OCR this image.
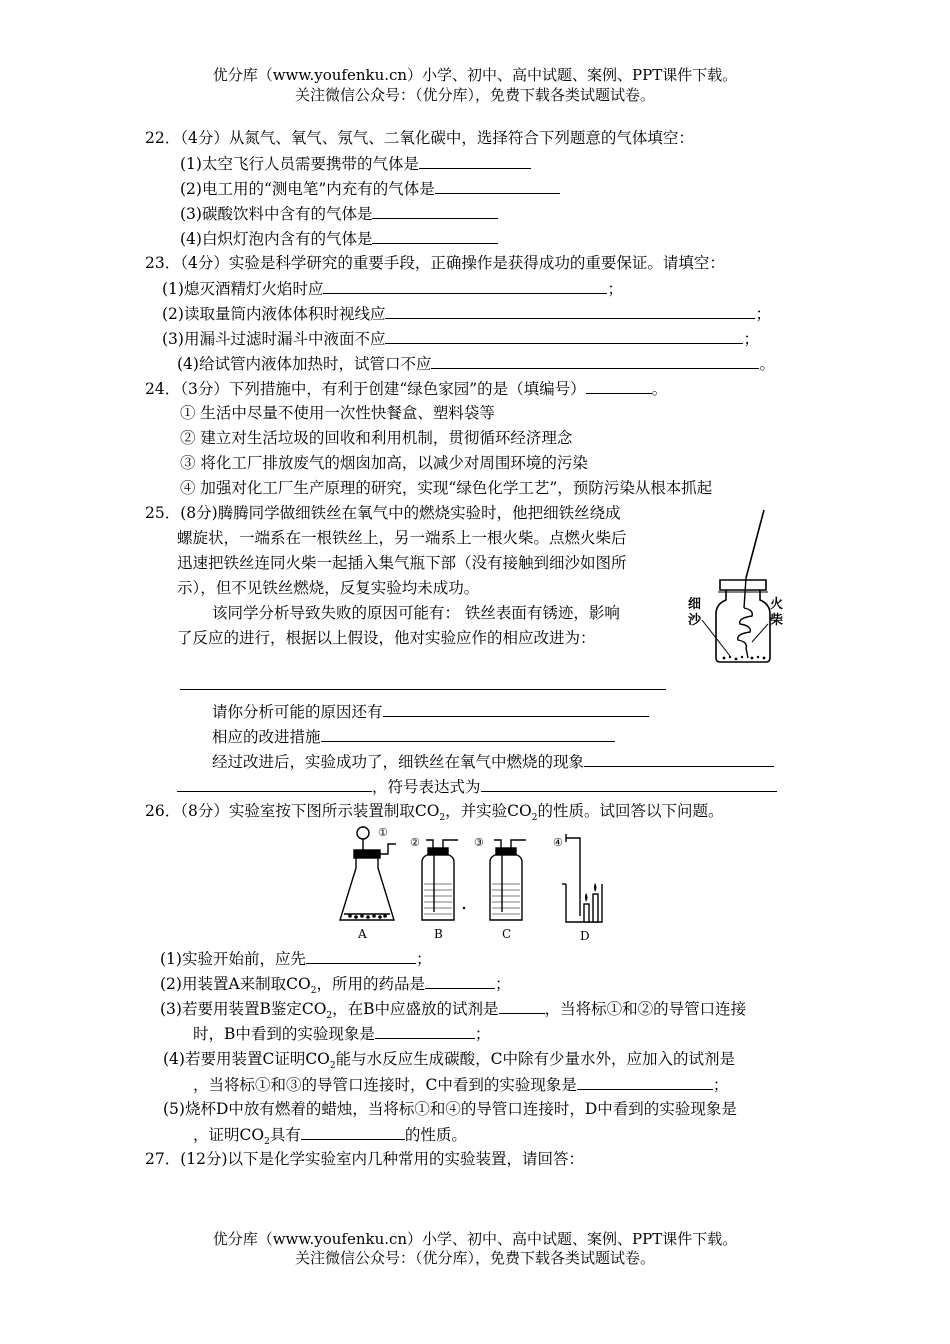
优分库（www.youfenku.cn）小学、初中、高中试题、案例、PPT课件下载。
关注微信公众号：（优分库），免费下载各类试题试卷。
22．（4分）从氮气、氧气、氖气、二氧化碳中，选择符合下列题意的气体填空：
(1)太空飞行人员需要携带的气体是
(2)电工用的“测电笔”内充有的气体是
(3)碳酸饮料中含有的气体是
(4)白炽灯泡内含有的气体是
23．（4分）实验是科学研究的重要手段，正确操作是获得成功的重要保证。请填空：
(1)熄灭酒精灯火焰时应	；
(2)读取量筒内液体体积时视线应	；
(3)用漏斗过滤时漏斗中液面不应	；
(4)给试管内液体加热时，试管口不应	。
24．（3分）下列措施中，有利于创建“绿色家园”的是（填编号）	。
① 生活中尽量不使用一次性快餐盒、塑料袋等
② 建立对生活垃圾的回收和利用机制，贯彻循环经济理念
③ 将化工厂排放废气的烟囱加高，以减少对周围环境的污染
④ 加强对化工厂生产原理的研究，实现“绿色化学工艺”，预防污染从根本抓起
25．(8分)腾腾同学做细铁丝在氧气中的燃烧实验时，他把细铁丝绕成
螺旋状，一端系在一根铁丝上，另一端系上一根火柴。点燃火柴后
迅速把铁丝连同火柴一起插入集气瓶下部（没有接触到细沙如图所
示），但不见铁丝燃烧，反复实验均未成功。
该同学分析导致失败的原因可能有： 铁丝表面有锈迹，影响
了反应的进行，根据以上假设，他对实验应作的相应改进为：
请你分析可能的原因还有
相应的改进措施
经过改进后，实验成功了，细铁丝在氧气中燃烧的现象
，符号表达式为
细
沙
火
柴
26．（8分）实验室按下图所示装置制取$CO_2$，并实验$CO_2$的性质。试回答以下问题。
①
A
②
B
③
C
④
D
(1)实验开始前，应先	；
(2)用装置A来制取$CO_2$，所用的药品是	；
(3)若要用装置B鉴定$CO_2$，在B中应盛放的试剂是	，当将标①和②的导管口连接
时，B中看到的实验现象是	；
(4)若要用装置C证明$CO_2$能与水反应生成碳酸，C中除有少量水外，应加入的试剂是
，当将标①和③的导管口连接时，C中看到的实验现象是	；
(5)烧杯D中放有燃着的蜡烛，当将标①和④的导管口连接时，D中看到的实验现象是
，证明$CO_2$具有	的性质。
27．(12分)以下是化学实验室内几种常用的实验装置，请回答：
优分库（www.youfenku.cn）小学、初中、高中试题、案例、PPT课件下载。
关注微信公众号：（优分库），免费下载各类试题试卷。
